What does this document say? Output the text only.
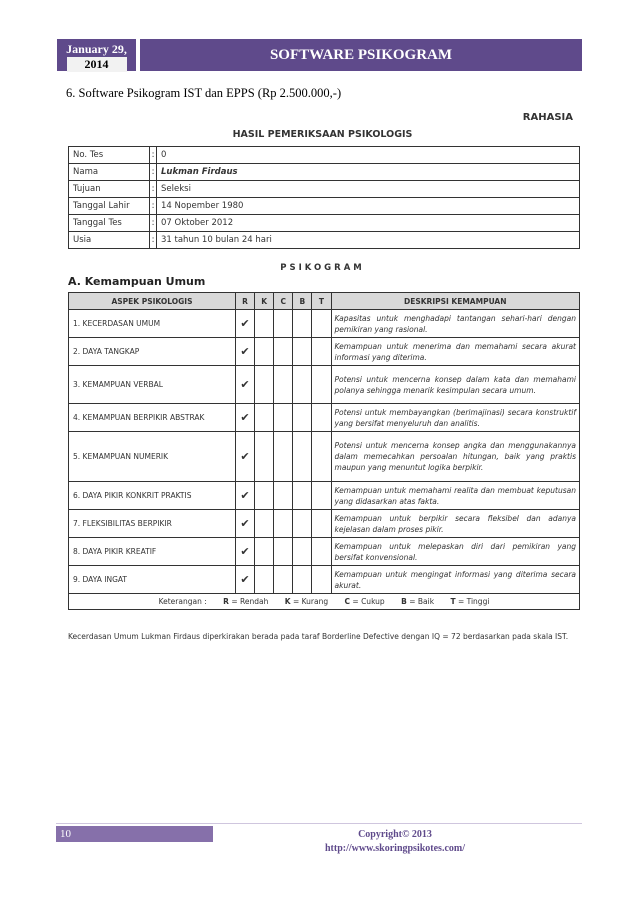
January 29,
2014
SOFTWARE PSIKOGRAM
6. Software Psikogram IST dan EPPS (Rp 2.500.000,-)
RAHASIA
HASIL PEMERIKSAAN PSIKOLOGIS
No. Tes	:	0
Nama	:	Lukman Firdaus
Tujuan	:	Seleksi
Tanggal Lahir	:	14 Nopember 1980
Tanggal Tes	:	07 Oktober 2012
Usia	:	31 tahun 10 bulan 24 hari
PSIKOGRAM
A. Kemampuan Umum
ASPEK PSIKOLOGIS	R	K	C	B	T	DESKRIPSI KEMAMPUAN
1. KECERDASAN UMUM	✔					Kapasitas untuk menghadapi tantangan sehari-hari dengan pemikiran yang rasional.
2. DAYA TANGKAP	✔					Kemampuan untuk menerima dan memahami secara akurat informasi yang diterima.
3. KEMAMPUAN VERBAL	✔					Potensi untuk mencerna konsep dalam kata dan memahami polanya sehingga menarik kesimpulan secara umum.
4. KEMAMPUAN BERPIKIR ABSTRAK	✔					Potensi untuk membayangkan (berimajinasi) secara konstruktif yang bersifat menyeluruh dan analitis.
5. KEMAMPUAN NUMERIK	✔					Potensi untuk mencerna konsep angka dan menggunakannya dalam memecahkan persoalan hitungan, baik yang praktis maupun yang menuntut logika berpikir.
6. DAYA PIKIR KONKRIT PRAKTIS	✔					Kemampuan untuk memahami realita dan membuat keputusan yang didasarkan atas fakta.
7. FLEKSIBILITAS BERPIKIR	✔					Kemampuan untuk berpikir secara fleksibel dan adanya kejelasan dalam proses pikir.
8. DAYA PIKIR KREATIF	✔					Kemampuan untuk melepaskan diri dari pemikiran yang bersifat konvensional.
9. DAYA INGAT	✔					Kemampuan untuk mengingat informasi yang diterima secara akurat.
Keterangan : R = Rendah K = Kurang C = Cukup B = Baik T = Tinggi						
Kecerdasan Umum Lukman Firdaus diperkirakan berada pada taraf Borderline Defective dengan IQ = 72 berdasarkan pada skala IST.
10	Copyright© 2013
http://www.skoringpsikotes.com/
